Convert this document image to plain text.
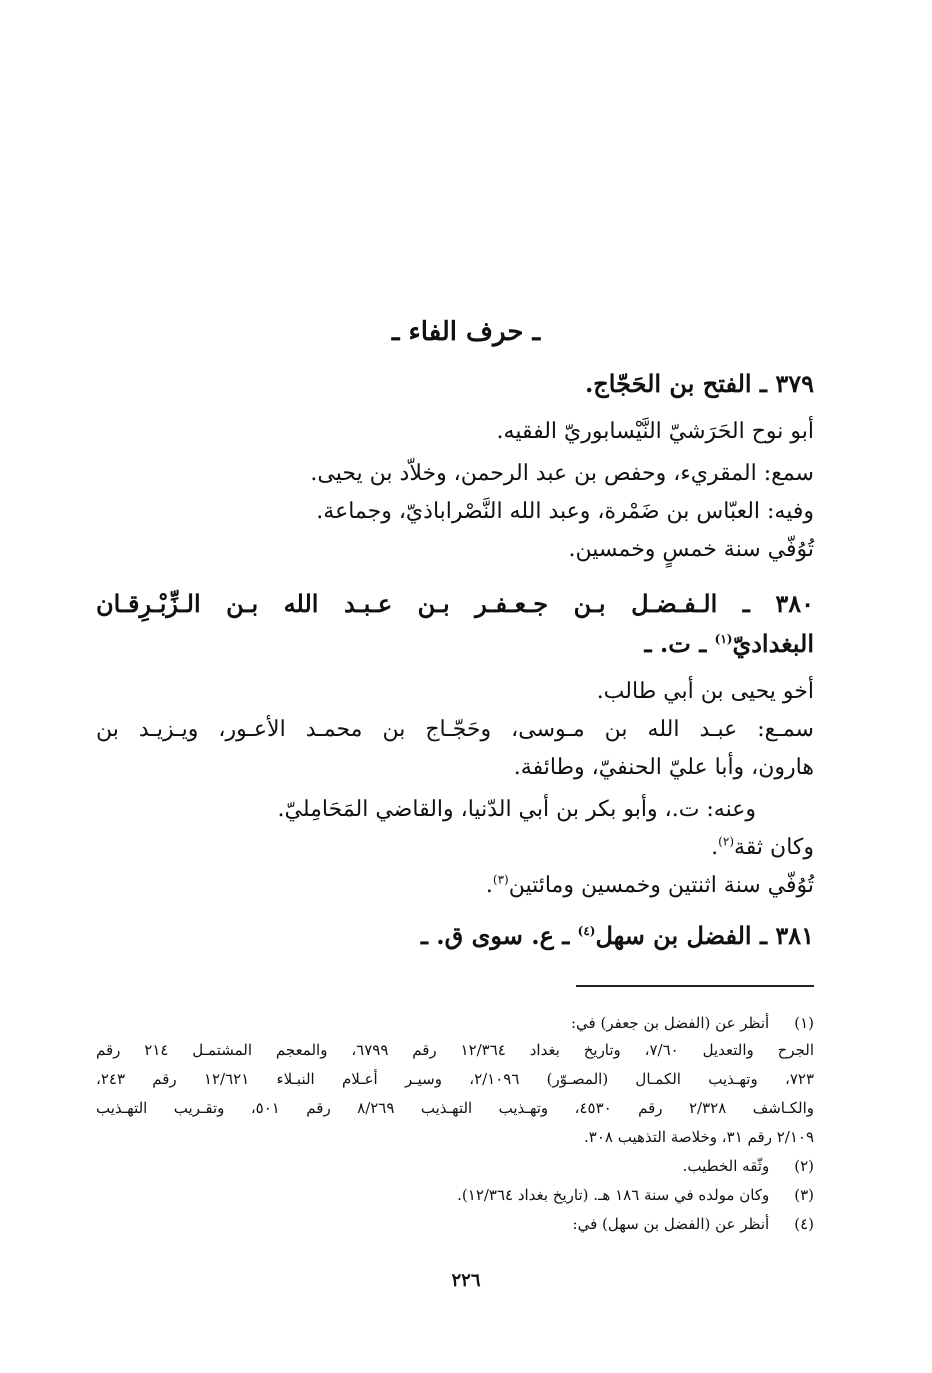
ـ حرف الفاء ـ
٣٧٩ ـ الفتح بن الحَجّاج.
أبو نوح الحَرَشيّ النَّيْسابوريّ الفقيه.
سمع: المقريء، وحفص بن عبد الرحمن، وخلاّد بن يحيى.
وفيه: العبّاس بن ضَمْرة، وعبد الله النَّصْراباذيّ، وجماعة.
تُوُفّي سنة خمسٍ وخمسين.
٣٨٠ ـ الـفـضـل بـن جـعـفـر بـن عـبـد الله بـن الـزِّبْـرِقـان
البغداديّ$^{(١)}$ ـ ت. ـ
أخو يحيى بن أبي طالب.
سمـع: عبـد الله بن مـوسى، وحَجّـاج بن محمـد الأعـور، ويـزيـد بن
هارون، وأبا عليّ الحنفيّ، وطائفة.
وعنه: ت.، وأبو بكر بن أبي الدّنيا، والقاضي المَحَامِليّ.
وكان ثقة$^{(٢)}$.
تُوُفّي سنة اثنتين وخمسين ومائتين$^{(٣)}$.
٣٨١ ـ الفضل بن سهل$^{(٤)}$ ـ ع. سوى ق. ـ
(١) أنظر عن (الفضل بن جعفر) في:
الجرح والتعديل ٧/٦٠، وتاريخ بغداد ١٢/٣٦٤ رقم ٦٧٩٩، والمعجم المشتمـل ٢١٤ رقم
٧٢٣، وتهـذيب الكمـال (المصـوّر) ٢/١٠٩٦، وسيـر أعـلام النبـلاء ١٢/٦٢١ رقم ٢٤٣،
والكـاشف ٢/٣٢٨ رقم ٤٥٣٠، وتهـذيب التهـذيب ٨/٢٦٩ رقم ٥٠١، وتقـريب التهـذيب
٢/١٠٩ رقم ٣١، وخلاصة التذهيب ٣٠٨.
(٢) وثّقه الخطيب.
(٣) وكان مولده في سنة ١٨٦ هـ. (تاريخ بغداد ١٢/٣٦٤).
(٤) أنظر عن (الفضل بن سهل) في:
٢٢٦
